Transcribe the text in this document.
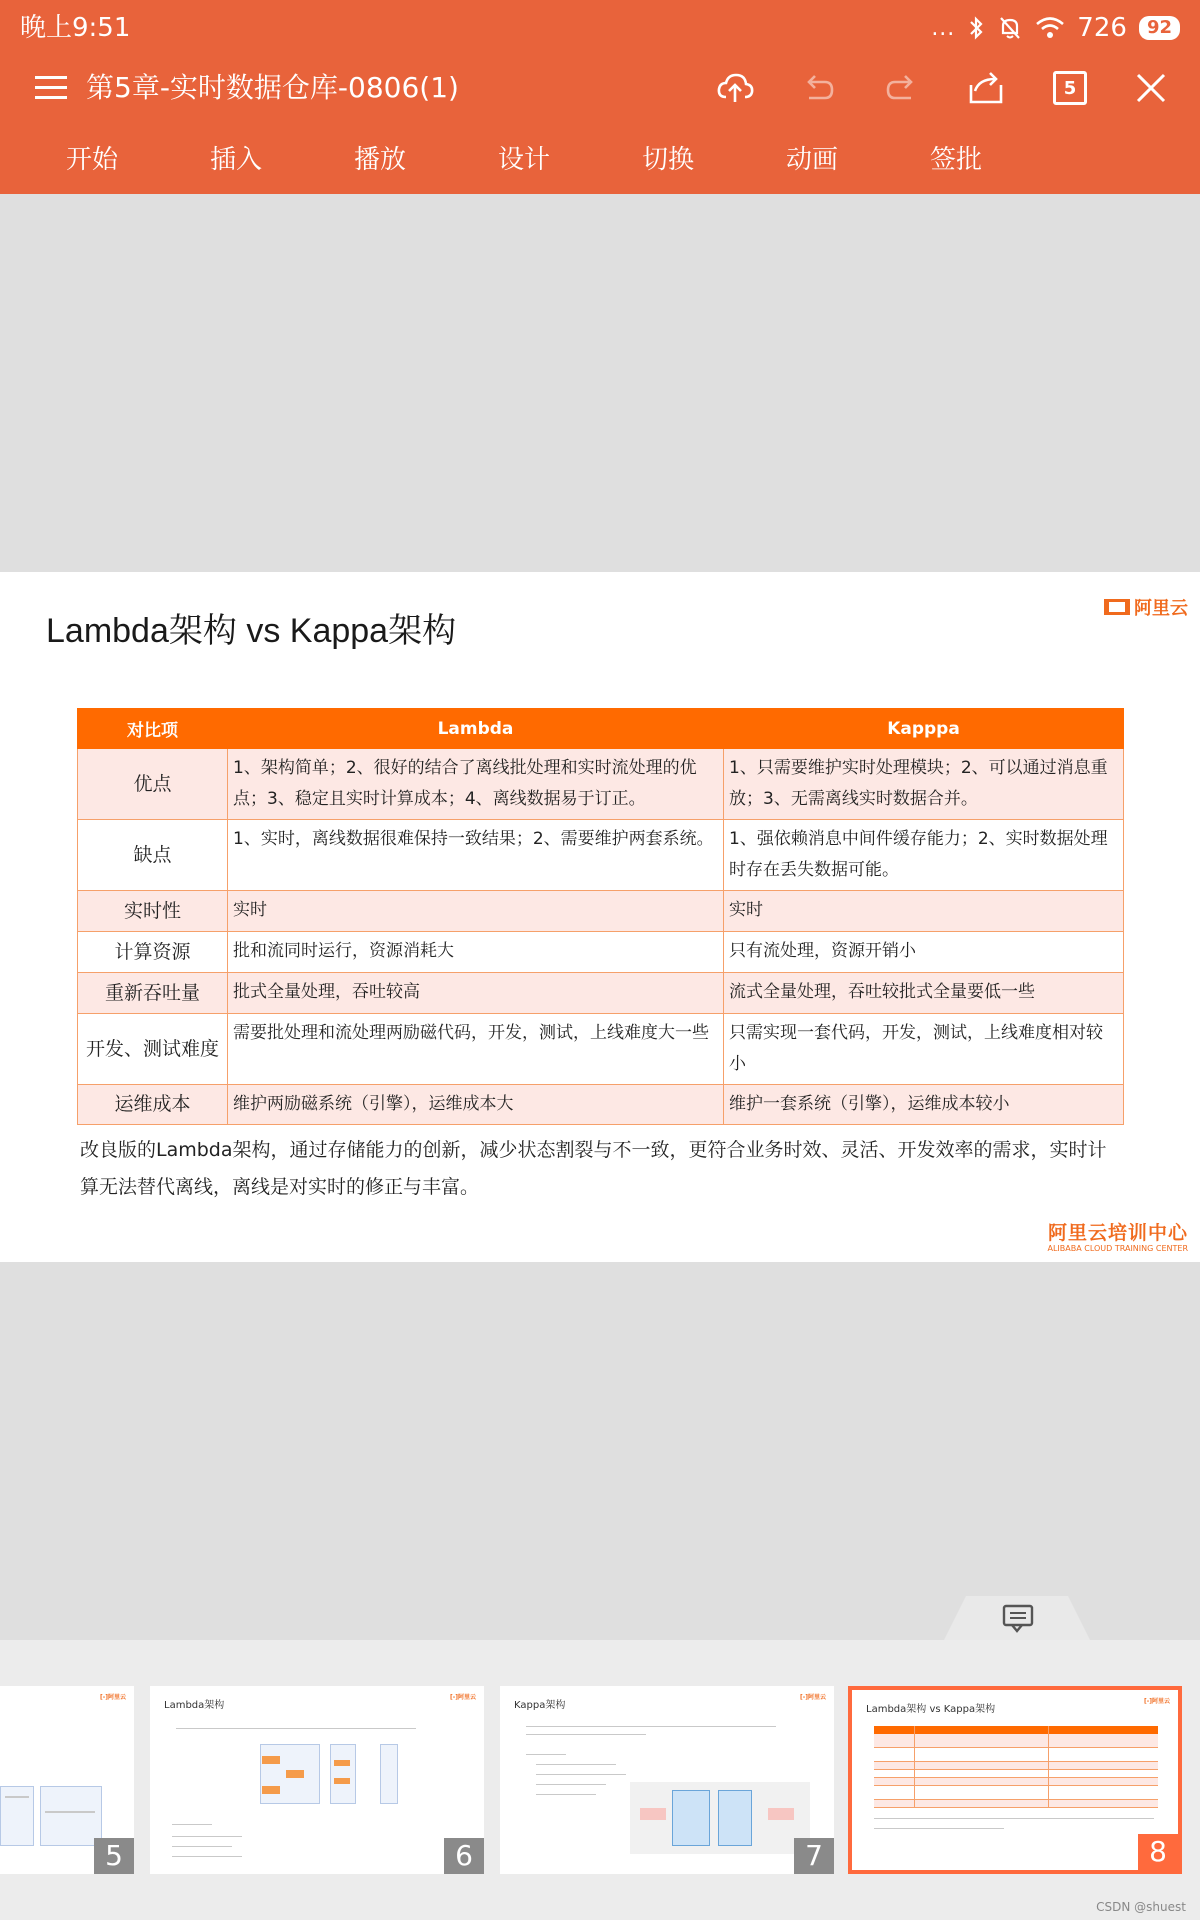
晚上9:51	...	726	92
第5章-实时数据仓库-0806(1)	5
开始	插入	播放	设计	切换	动画	签批
Lambda架构 vs Kappa架构
阿里云
对比项	Lambda	Kapppa
优点	1、架构简单；2、很好的结合了离线批处理和实时流处理的优点；3、稳定且实时计算成本；4、离线数据易于订正。	1、只需要维护实时处理模块；2、可以通过消息重放；3、无需离线实时数据合并。
缺点	1、实时，离线数据很难保持一致结果；2、需要维护两套系统。	1、强依赖消息中间件缓存能力；2、实时数据处理时存在丢失数据可能。
实时性	实时	实时
计算资源	批和流同时运行，资源消耗大	只有流处理，资源开销小
重新吞吐量	批式全量处理，吞吐较高	流式全量处理，吞吐较批式全量要低一些
开发、测试难度	需要批处理和流处理两励磁代码，开发，测试，上线难度大一些	只需实现一套代码，开发，测试，上线难度相对较小
运维成本	维护两励磁系统（引擎），运维成本大	维护一套系统（引擎），运维成本较小
改良版的Lambda架构，通过存储能力的创新，减少状态割裂与不一致，更符合业务时效、灵活、开发效率的需求，实时计算无法替代离线，离线是对实时的修正与丰富。
阿里云培训中心
ALIBABA CLOUD TRAINING CENTER
[-]阿里云
5
Lambda架构
[-]阿里云
6
Kappa架构
[-]阿里云
7
Lambda架构 vs Kappa架构
[-]阿里云
8
CSDN @shuest
